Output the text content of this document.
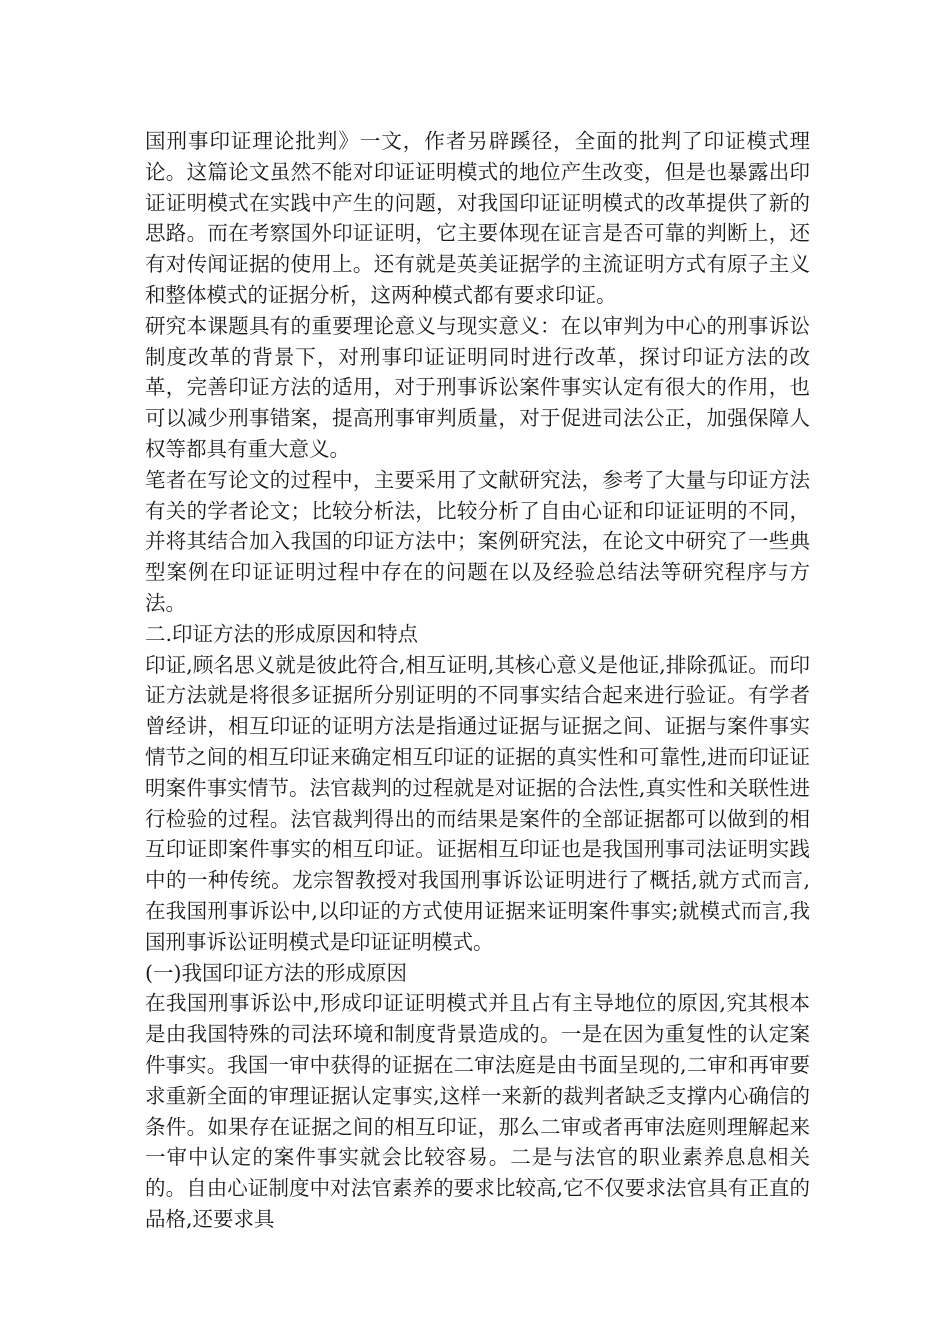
国刑事印证理论批判》一文，作者另辟蹊径，全面的批判了印证模式理论。这篇论文虽然不能对印证证明模式的地位产生改变，但是也暴露出印证证明模式在实践中产生的问题，对我国印证证明模式的改革提供了新的思路。而在考察国外印证证明，它主要体现在证言是否可靠的判断上，还有对传闻证据的使用上。还有就是英美证据学的主流证明方式有原子主义和整体模式的证据分析，这两种模式都有要求印证。

研究本课题具有的重要理论意义与现实意义：在以审判为中心的刑事诉讼制度改革的背景下，对刑事印证证明同时进行改革，探讨印证方法的改革，完善印证方法的适用，对于刑事诉讼案件事实认定有很大的作用，也可以减少刑事错案，提高刑事审判质量，对于促进司法公正，加强保障人权等都具有重大意义。

笔者在写论文的过程中，主要采用了文献研究法，参考了大量与印证方法有关的学者论文；比较分析法，比较分析了自由心证和印证证明的不同，并将其结合加入我国的印证方法中；案例研究法，在论文中研究了一些典型案例在印证证明过程中存在的问题在以及经验总结法等研究程序与方法。

二.印证方法的形成原因和特点

印证,顾名思义就是彼此符合,相互证明,其核心意义是他证,排除孤证。而印证方法就是将很多证据所分别证明的不同事实结合起来进行验证。有学者曾经讲，相互印证的证明方法是指通过证据与证据之间、证据与案件事实情节之间的相互印证来确定相互印证的证据的真实性和可靠性,进而印证证明案件事实情节。法官裁判的过程就是对证据的合法性,真实性和关联性进行检验的过程。法官裁判得出的而结果是案件的全部证据都可以做到的相互印证即案件事实的相互印证。证据相互印证也是我国刑事司法证明实践中的一种传统。龙宗智教授对我国刑事诉讼证明进行了概括,就方式而言,在我国刑事诉讼中,以印证的方式使用证据来证明案件事实;就模式而言,我国刑事诉讼证明模式是印证证明模式。

(一)我国印证方法的形成原因

在我国刑事诉讼中,形成印证证明模式并且占有主导地位的原因,究其根本是由我国特殊的司法环境和制度背景造成的。一是在因为重复性的认定案件事实。我国一审中获得的证据在二审法庭是由书面呈现的,二审和再审要求重新全面的审理证据认定事实,这样一来新的裁判者缺乏支撑内心确信的条件。如果存在证据之间的相互印证，那么二审或者再审法庭则理解起来一审中认定的案件事实就会比较容易。二是与法官的职业素养息息相关的。自由心证制度中对法官素养的要求比较高,它不仅要求法官具有正直的品格,还要求具
